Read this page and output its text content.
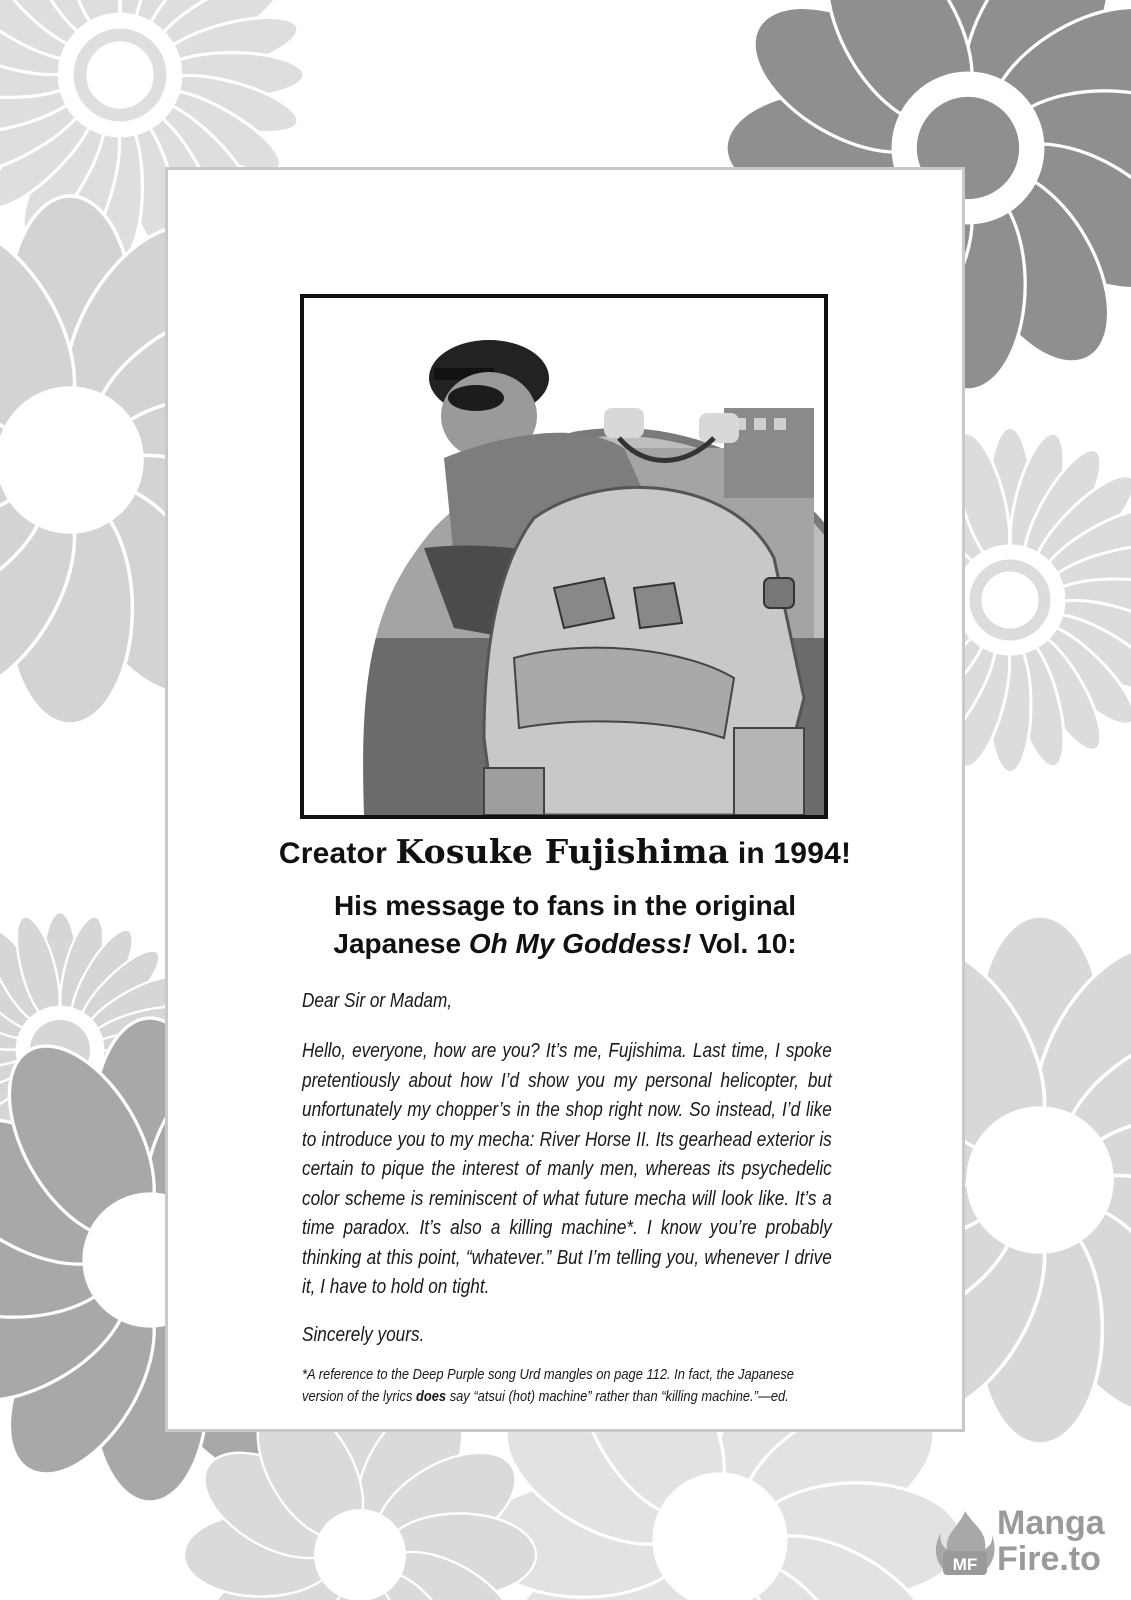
Creator Kosuke Fujishima in 1994!
His message to fans in the original
Japanese Oh My Goddess! Vol. 10:
Dear Sir or Madam,
Hello, everyone, how are you? It’s me, Fujishima. Last time, I spoke pretentiously about how I’d show you my personal helicopter, but unfortunately my chopper’s in the shop right now. So instead, I’d like to introduce you to my mecha: River Horse II. Its gearhead exterior is certain to pique the interest of manly men, whereas its psychedelic color scheme is reminiscent of what future mecha will look like. It’s a time paradox. It’s also a killing machine*. I know you’re probably thinking at this point, “whatever.” But I’m telling you, whenever I drive it, I have to hold on tight.
Sincerely yours.
*A reference to the Deep Purple song Urd mangles on page 112. In fact, the Japanese version of the lyrics does say “atsui (hot) machine” rather than “killing machine.”—ed.
MF
Manga
Fire.to
